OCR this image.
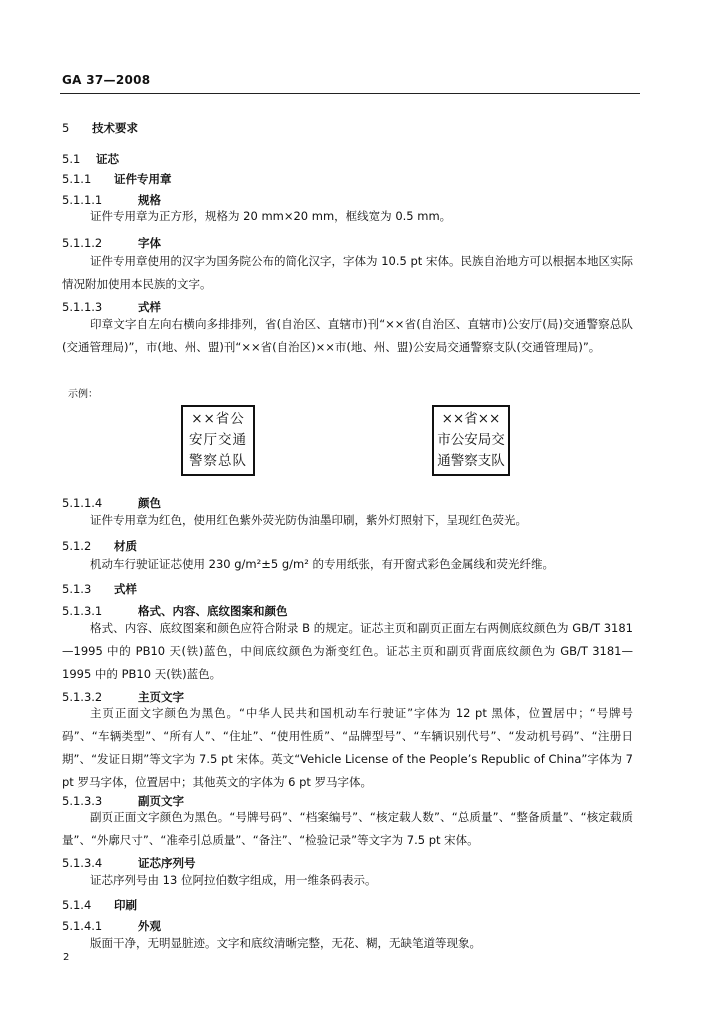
GA 37—2008
5 技术要求
5.1 证芯
5.1.1 证件专用章
5.1.1.1	规格
证件专用章为正方形，规格为 20 mm×20 mm，框线宽为 0.5 mm。
5.1.1.2	字体
证件专用章使用的汉字为国务院公布的简化汉字，字体为 10.5 pt 宋体。民族自治地方可以根据本地区实际情况附加使用本民族的文字。
5.1.1.3	式样
印章文字自左向右横向多排排列，省(自治区、直辖市)刊“××省(自治区、直辖市)公安厅(局)交通警察总队(交通管理局)”，市(地、州、盟)刊“××省(自治区)××市(地、州、盟)公安局交通警察支队(交通管理局)”。
示例：
××省公
安厅交通
警察总队
××省××
市公安局交
通警察支队
5.1.1.4	颜色
证件专用章为红色，使用红色紫外荧光防伪油墨印刷，紫外灯照射下，呈现红色荧光。
5.1.2 材质
机动车行驶证证芯使用 230 g/m²±5 g/m² 的专用纸张，有开窗式彩色金属线和荧光纤维。
5.1.3 式样
5.1.3.1	格式、内容、底纹图案和颜色
格式、内容、底纹图案和颜色应符合附录 B 的规定。证芯主页和副页正面左右两侧底纹颜色为 GB/T 3181—1995 中的 PB10 天(铁)蓝色，中间底纹颜色为渐变红色。证芯主页和副页背面底纹颜色为 GB/T 3181—1995 中的 PB10 天(铁)蓝色。
5.1.3.2	主页文字
主页正面文字颜色为黑色。“中华人民共和国机动车行驶证”字体为 12 pt 黑体，位置居中；“号牌号码”、“车辆类型”、“所有人”、“住址”、“使用性质”、“品牌型号”、“车辆识别代号”、“发动机号码”、“注册日期”、“发证日期”等文字为 7.5 pt 宋体。英文“Vehicle License of the People’s Republic of China”字体为 7 pt 罗马字体，位置居中；其他英文的字体为 6 pt 罗马字体。
5.1.3.3	副页文字
副页正面文字颜色为黑色。“号牌号码”、“档案编号”、“核定载人数”、“总质量”、“整备质量”、“核定载质量”、“外廓尺寸”、“准牵引总质量”、“备注”、“检验记录”等文字为 7.5 pt 宋体。
5.1.3.4	证芯序列号
证芯序列号由 13 位阿拉伯数字组成，用一维条码表示。
5.1.4 印刷
5.1.4.1	外观
版面干净，无明显脏迹。文字和底纹清晰完整，无花、糊，无缺笔道等现象。
2
